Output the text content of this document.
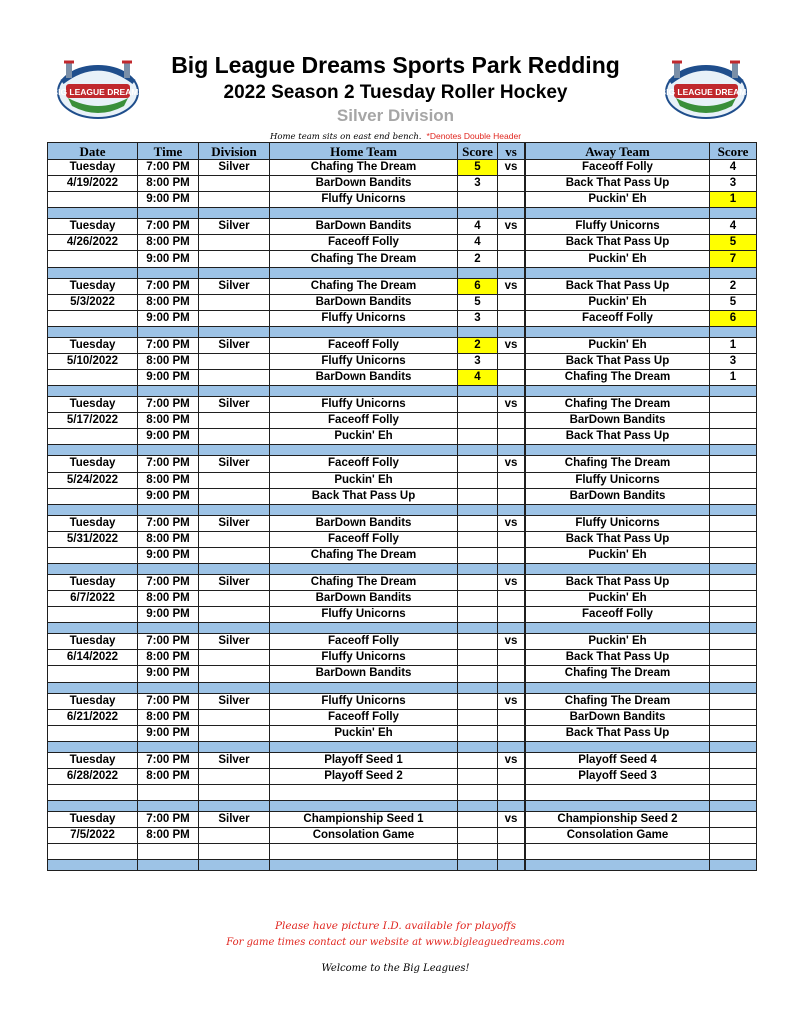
BIG LEAGUE DREAMS	BIG LEAGUE DREAMS
Big League Dreams Sports Park Redding
2022 Season 2 Tuesday Roller Hockey
Silver Division
Home team sits on east end bench. *Denotes Double Header
Date	Time	Division	Home Team	Score	vs		Away Team	Score
Tuesday	7:00 PM	Silver	Chafing The Dream	5	vs		Faceoff Folly	4
4/19/2022	8:00 PM		BarDown Bandits	3			Back That Pass Up	3
	9:00 PM		Fluffy Unicorns				Puckin' Eh	1

Tuesday	7:00 PM	Silver	BarDown Bandits	4	vs		Fluffy Unicorns	4
4/26/2022	8:00 PM		Faceoff Folly	4			Back That Pass Up	5
	9:00 PM		Chafing The Dream	2			Puckin' Eh	7

Tuesday	7:00 PM	Silver	Chafing The Dream	6	vs		Back That Pass Up	2
5/3/2022	8:00 PM		BarDown Bandits	5			Puckin' Eh	5
	9:00 PM		Fluffy Unicorns	3			Faceoff Folly	6

Tuesday	7:00 PM	Silver	Faceoff Folly	2	vs		Puckin' Eh	1
5/10/2022	8:00 PM		Fluffy Unicorns	3			Back That Pass Up	3
	9:00 PM		BarDown Bandits	4			Chafing The Dream	1

Tuesday	7:00 PM	Silver	Fluffy Unicorns		vs		Chafing The Dream	
5/17/2022	8:00 PM		Faceoff Folly				BarDown Bandits	
	9:00 PM		Puckin' Eh				Back That Pass Up	

Tuesday	7:00 PM	Silver	Faceoff Folly		vs		Chafing The Dream	
5/24/2022	8:00 PM		Puckin' Eh				Fluffy Unicorns	
	9:00 PM		Back That Pass Up				BarDown Bandits	

Tuesday	7:00 PM	Silver	BarDown Bandits		vs		Fluffy Unicorns	
5/31/2022	8:00 PM		Faceoff Folly				Back That Pass Up	
	9:00 PM		Chafing The Dream				Puckin' Eh	

Tuesday	7:00 PM	Silver	Chafing The Dream		vs		Back That Pass Up	
6/7/2022	8:00 PM		BarDown Bandits				Puckin' Eh	
	9:00 PM		Fluffy Unicorns				Faceoff Folly	

Tuesday	7:00 PM	Silver	Faceoff Folly		vs		Puckin' Eh	
6/14/2022	8:00 PM		Fluffy Unicorns				Back That Pass Up	
	9:00 PM		BarDown Bandits				Chafing The Dream	

Tuesday	7:00 PM	Silver	Fluffy Unicorns		vs		Chafing The Dream	
6/21/2022	8:00 PM		Faceoff Folly				BarDown Bandits	
	9:00 PM		Puckin' Eh				Back That Pass Up	

Tuesday	7:00 PM	Silver	Playoff Seed 1		vs		Playoff Seed 4	
6/28/2022	8:00 PM		Playoff Seed 2				Playoff Seed 3	

Tuesday	7:00 PM	Silver	Championship Seed 1		vs		Championship Seed 2	
7/5/2022	8:00 PM		Consolation Game				Consolation Game	

Please have picture I.D. available for playoffs
For game times contact our website at www.bigleaguedreams.com
Welcome to the Big Leagues!
